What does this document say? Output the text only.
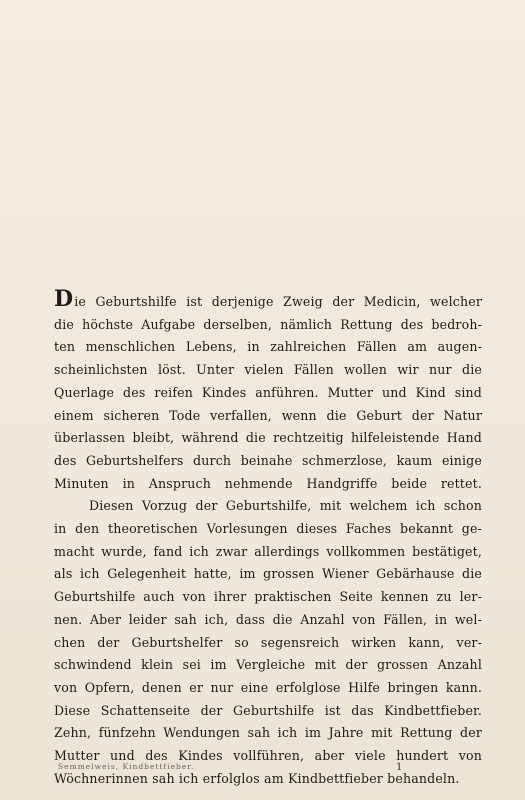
Die Geburtshilfe ist derjenige Zweig der Medicin, welcher
die höchste Aufgabe derselben, nämlich Rettung des bedroh-
ten menschlichen Lebens, in zahlreichen Fällen am augen-
scheinlichsten löst. Unter vielen Fällen wollen wir nur die
Querlage des reifen Kindes anführen. Mutter und Kind sind
einem sicheren Tode verfallen, wenn die Geburt der Natur
überlassen bleibt, während die rechtzeitig hilfeleistende Hand
des Geburtshelfers durch beinahe schmerzlose, kaum einige
Minuten in Anspruch nehmende Handgriffe beide rettet.
Diesen Vorzug der Geburtshilfe, mit welchem ich schon
in den theoretischen Vorlesungen dieses Faches bekannt ge-
macht wurde, fand ich zwar allerdings vollkommen bestätiget,
als ich Gelegenheit hatte, im grossen Wiener Gebärhause die
Geburtshilfe auch von ihrer praktischen Seite kennen zu ler-
nen. Aber leider sah ich, dass die Anzahl von Fällen, in wel-
chen der Geburtshelfer so segensreich wirken kann, ver-
schwindend klein sei im Vergleiche mit der grossen Anzahl
von Opfern, denen er nur eine erfolglose Hilfe bringen kann.
Diese Schattenseite der Geburtshilfe ist das Kindbettfieber.
Zehn, fünfzehn Wendungen sah ich im Jahre mit Rettung der
Mutter und des Kindes vollführen, aber viele hundert von
Wöchnerinnen sah ich erfolglos am Kindbettfieber behandeln.
Semmelweis, Kindbettfieber.	1
